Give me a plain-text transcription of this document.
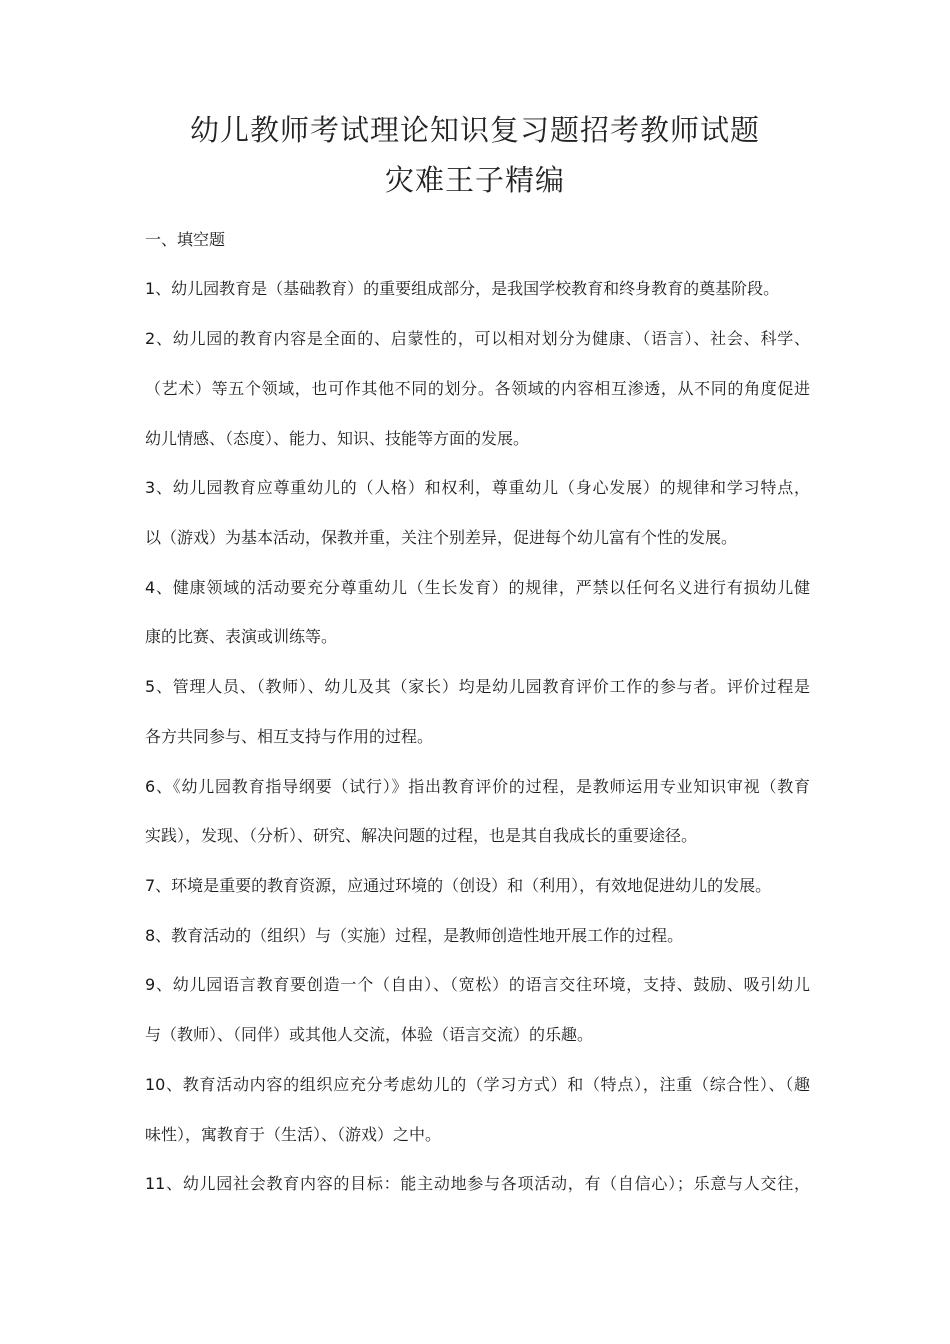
幼儿教师考试理论知识复习题招考教师试题
灾难王子精编
一、填空题
1、幼儿园教育是（基础教育）的重要组成部分，是我国学校教育和终身教育的奠基阶段。
2、幼儿园的教育内容是全面的、启蒙性的，可以相对划分为健康、（语言）、社会、科学、
（艺术）等五个领域，也可作其他不同的划分。各领域的内容相互渗透，从不同的角度促进
幼儿情感、（态度）、能力、知识、技能等方面的发展。
3、幼儿园教育应尊重幼儿的（人格）和权利，尊重幼儿（身心发展）的规律和学习特点，
以（游戏）为基本活动，保教并重，关注个别差异，促进每个幼儿富有个性的发展。
4、健康领域的活动要充分尊重幼儿（生长发育）的规律，严禁以任何名义进行有损幼儿健
康的比赛、表演或训练等。
5、管理人员、（教师）、幼儿及其（家长）均是幼儿园教育评价工作的参与者。评价过程是
各方共同参与、相互支持与作用的过程。
6、《幼儿园教育指导纲要（试行）》指出教育评价的过程，是教师运用专业知识审视（教育
实践），发现、（分析）、研究、解决问题的过程，也是其自我成长的重要途径。
7、环境是重要的教育资源，应通过环境的（创设）和（利用），有效地促进幼儿的发展。
8、教育活动的（组织）与（实施）过程，是教师创造性地开展工作的过程。
9、幼儿园语言教育要创造一个（自由）、（宽松）的语言交往环境，支持、鼓励、吸引幼儿
与（教师）、（同伴）或其他人交流，体验（语言交流）的乐趣。
10、教育活动内容的组织应充分考虑幼儿的（学习方式）和（特点），注重（综合性）、（趣
味性），寓教育于（生活）、（游戏）之中。
11、幼儿园社会教育内容的目标：能主动地参与各项活动，有（自信心）；乐意与人交往，
